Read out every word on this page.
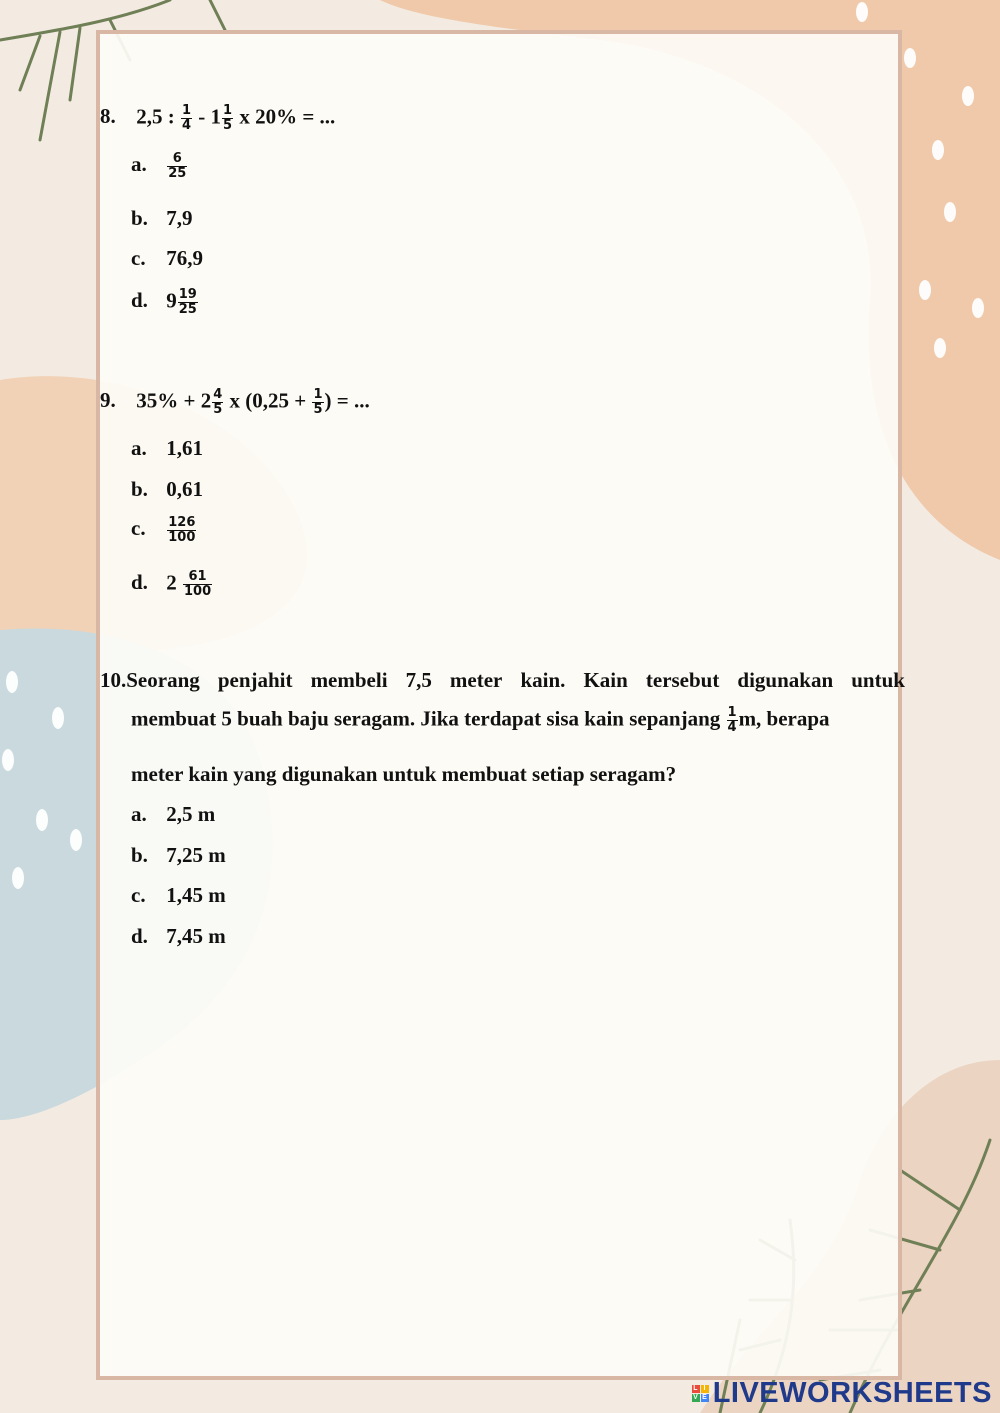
8. 2,5 : $\frac{1}{4} - 1 \frac{1}{5}$ x 20% = ...
a. $\frac{6}{25}$
b. 7,9
c. 76,9
d. $9 \frac{19}{25}$
9. $35\% + 2 \frac{4}{5}$ x ($0,25 + \frac{1}{5}$ ) = ...
a. 1,61
b. 0,61
c. $\frac{126}{100}$
d. $2 \frac{61}{100}$
10.Seorang penjahit membeli 7,5 meter kain. Kain tersebut digunakan untuk
membuat 5 buah baju seragam. Jika terdapat sisa kain sepanjang $\frac{1}{4} m$, berapa
meter kain yang digunakan untuk membuat setiap seragam?
a. 2,5 m
b. 7,25 m
c. 1,45 m
d. 7,45 m
L I
V E LIVEWORKSHEETS
